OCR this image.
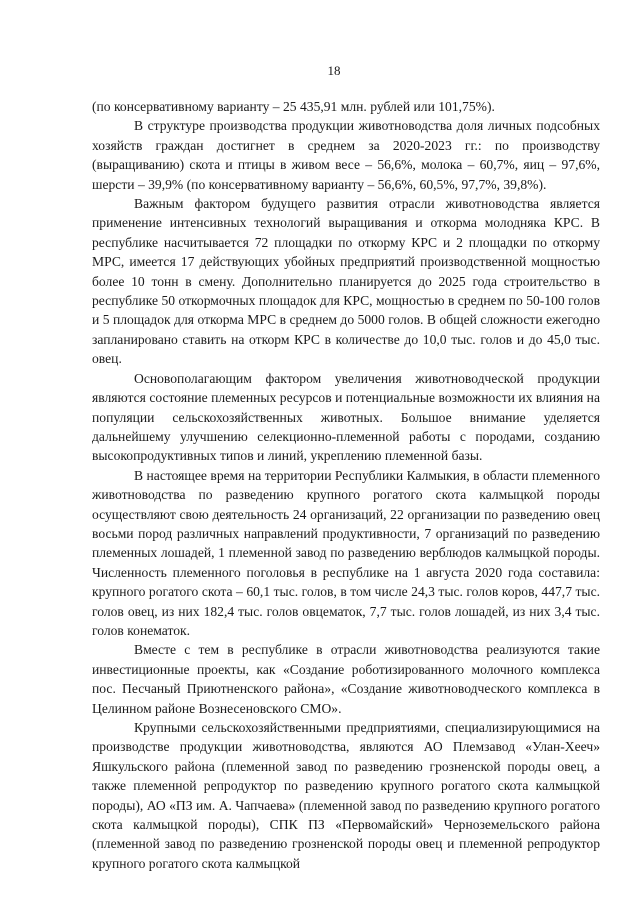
18

(по консервативному варианту – 25 435,91 млн. рублей или 101,75%).

В структуре производства продукции животноводства доля личных подсобных хозяйств граждан достигнет в среднем за 2020-2023 гг.: по производству (выращиванию) скота и птицы в живом весе – 56,6%, молока – 60,7%, яиц – 97,6%, шерсти – 39,9% (по консервативному варианту – 56,6%, 60,5%, 97,7%, 39,8%).

Важным фактором будущего развития отрасли животноводства является применение интенсивных технологий выращивания и откорма молодняка КРС. В республике насчитывается 72 площадки по откорму КРС и 2 площадки по откорму МРС, имеется 17 действующих убойных предприятий производственной мощностью более 10 тонн в смену. Дополнительно планируется до 2025 года строительство в республике 50 откормочных площадок для КРС, мощностью в среднем по 50-100 голов и 5 площадок для откорма МРС в среднем до 5000 голов. В общей сложности ежегодно запланировано ставить на откорм КРС в количестве до 10,0 тыс. голов и до 45,0 тыс. овец.

Основополагающим фактором увеличения животноводческой продукции являются состояние племенных ресурсов и потенциальные возможности их влияния на популяции сельскохозяйственных животных. Большое внимание уделяется дальнейшему улучшению селекционно-племенной работы с породами, созданию высокопродуктивных типов и линий, укреплению племенной базы.

В настоящее время на территории Республики Калмыкия, в области племенного животноводства по разведению крупного рогатого скота калмыцкой породы осуществляют свою деятельность 24 организаций, 22 организации по разведению овец восьми пород различных направлений продуктивности, 7 организаций по разведению племенных лошадей, 1 племенной завод по разведению верблюдов калмыцкой породы. Численность племенного поголовья в республике на 1 августа 2020 года составила: крупного рогатого скота – 60,1 тыс. голов, в том числе 24,3 тыс. голов коров, 447,7 тыс. голов овец, из них 182,4 тыс. голов овцематок, 7,7 тыс. голов лошадей, из них 3,4 тыс. голов конематок.

Вместе с тем в республике в отрасли животноводства реализуются такие инвестиционные проекты, как «Создание роботизированного молочного комплекса пос. Песчаный Приютненского района», «Создание животноводческого комплекса в Целинном районе Вознесеновского СМО».

Крупными сельскохозяйственными предприятиями, специализирующимися на производстве продукции животноводства, являются АО Племзавод «Улан-Хееч» Яшкульского района (племенной завод по разведению грозненской породы овец, а также племенной репродуктор по разведению крупного рогатого скота калмыцкой породы), АО «ПЗ им. А. Чапчаева» (племенной завод по разведению крупного рогатого скота калмыцкой породы), СПК ПЗ «Первомайский» Черноземельского района (племенной завод по разведению грозненской породы овец и племенной репродуктор крупного рогатого скота калмыцкой
